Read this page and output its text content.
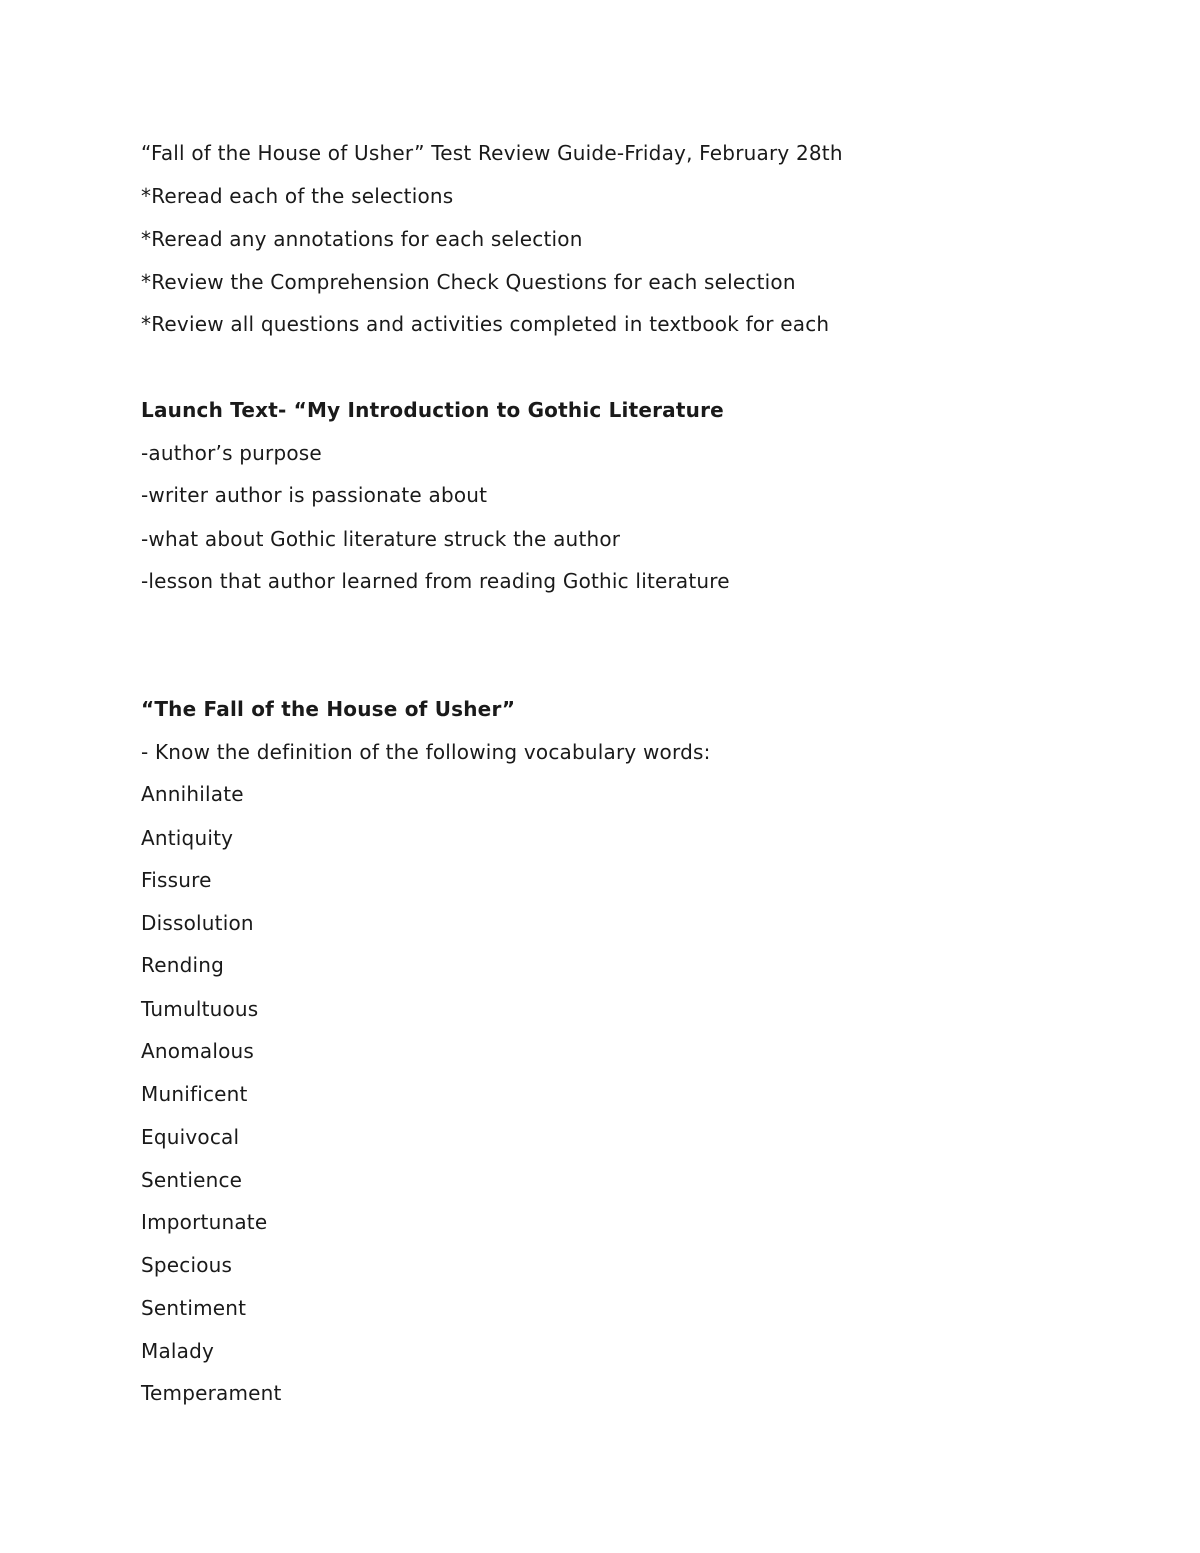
“Fall of the House of Usher” Test Review Guide-Friday, February 28th
*Reread each of the selections
*Reread any annotations for each selection
*Review the Comprehension Check Questions for each selection
*Review all questions and activities completed in textbook for each
Launch Text- “My Introduction to Gothic Literature
-author’s purpose
-writer author is passionate about
-what about Gothic literature struck the author
-lesson that author learned from reading Gothic literature
“The Fall of the House of Usher”
- Know the definition of the following vocabulary words:
Annihilate
Antiquity
Fissure
Dissolution
Rending
Tumultuous
Anomalous
Munificent
Equivocal
Sentience
Importunate
Specious
Sentiment
Malady
Temperament
